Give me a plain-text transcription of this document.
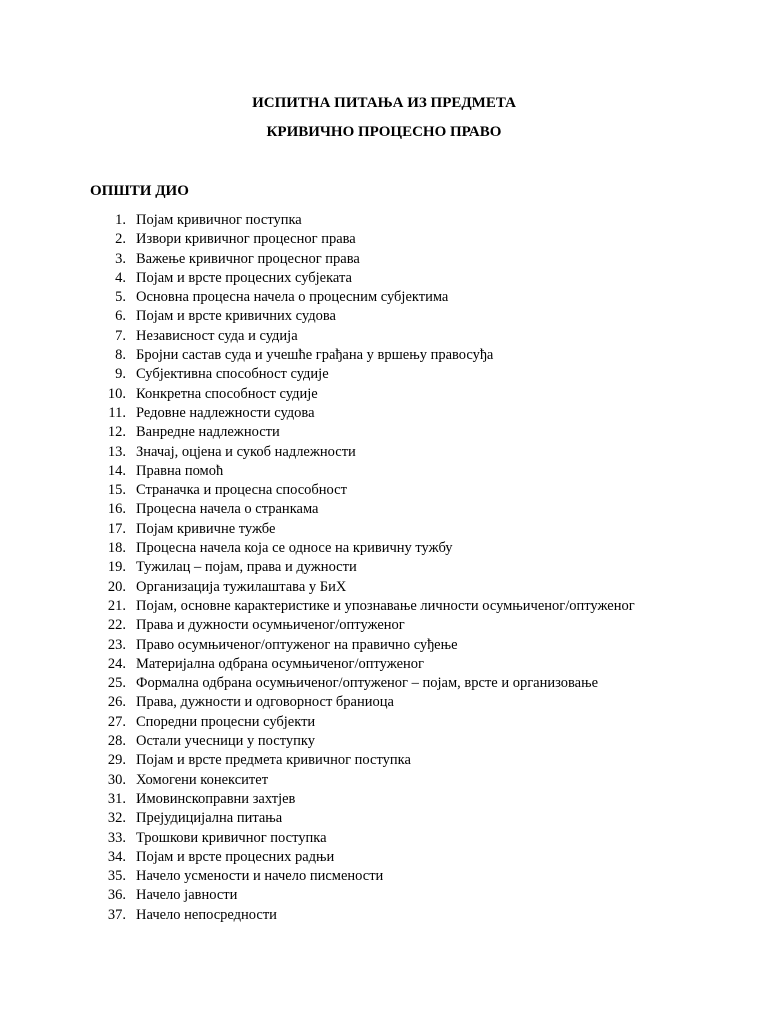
ИСПИТНА ПИТАЊА ИЗ ПРЕДМЕТА
КРИВИЧНО ПРОЦЕСНО ПРАВО
ОПШТИ ДИО
1. Појам кривичног поступка
2. Извори кривичног процесног права
3. Важење кривичног процесног права
4. Појам и врсте процесних субјеката
5. Основна процесна начела о процесним субјектима
6. Појам и врсте кривичних судова
7. Независност суда и судија
8. Бројни састав суда и учешће грађана у вршењу правосуђа
9. Субјективна способност судије
10. Конкретна способност судије
11. Редовне надлежности судова
12. Ванредне надлежности
13. Значај, оцјена и сукоб надлежности
14. Правна помоћ
15. Страначка и процесна способност
16. Процесна начела о странкама
17. Појам кривичне тужбе
18. Процесна начела која се односе на кривичну тужбу
19. Тужилац – појам, права и дужности
20. Организација тужилаштава у БиХ
21. Појам, основне карактеристике и упознавање личности осумњиченог/оптуженог
22. Права и дужности осумњиченог/оптуженог
23. Право осумњиченог/оптуженог на правично суђење
24. Материјална одбрана осумњиченог/оптуженог
25. Формална одбрана осумњиченог/оптуженог – појам, врсте и организовање
26. Права, дужности и одговорност браниоца
27. Споредни процесни субјекти
28. Остали учесници у поступку
29. Појам и врсте предмета кривичног поступка
30. Хомогени конекситет
31. Имовинскоправни захтјев
32. Прејудицијална питања
33. Трошкови кривичног поступка
34. Појам и врсте процесних радњи
35. Начело усмености и начело писмености
36. Начело јавности
37. Начело непосредности
